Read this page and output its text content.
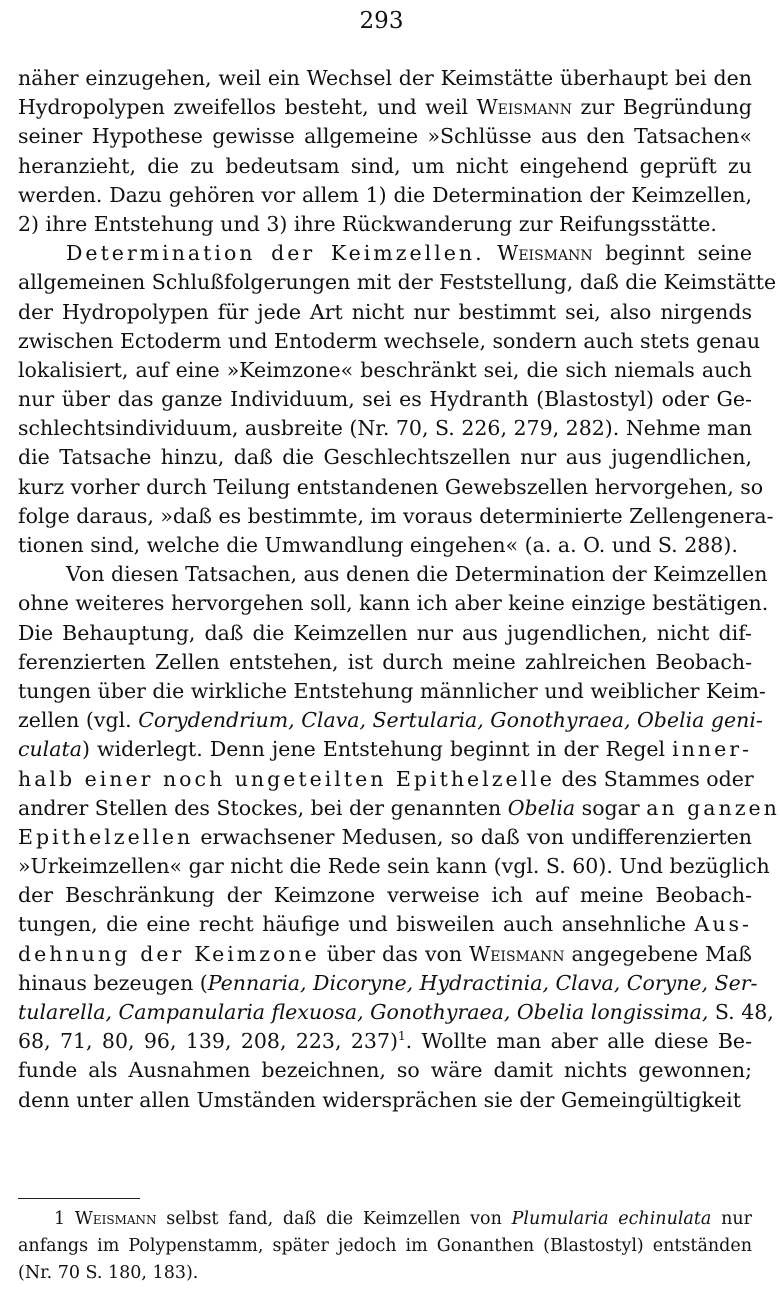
293
näher einzugehen, weil ein Wechsel der Keimstätte überhaupt bei den
Hydropolypen zweifellos besteht, und weil Weismann zur Begründung
seiner Hypothese gewisse allgemeine »Schlüsse aus den Tatsachen«
heranzieht, die zu bedeutsam sind, um nicht eingehend geprüft zu
werden. Dazu gehören vor allem 1) die Determination der Keimzellen,
2) ihre Entstehung und 3) ihre Rückwanderung zur Reifungsstätte.
Determination der Keimzellen. Weismann beginnt seine
allgemeinen Schlußfolgerungen mit der Feststellung, daß die Keimstätte
der Hydropolypen für jede Art nicht nur bestimmt sei, also nirgends
zwischen Ectoderm und Entoderm wechsele, sondern auch stets genau
lokalisiert, auf eine »Keimzone« beschränkt sei, die sich niemals auch
nur über das ganze Individuum, sei es Hydranth (Blastostyl) oder Ge-
schlechtsindividuum, ausbreite (Nr. 70, S. 226, 279, 282). Nehme man
die Tatsache hinzu, daß die Geschlechtszellen nur aus jugendlichen,
kurz vorher durch Teilung entstandenen Gewebszellen hervorgehen, so
folge daraus, »daß es bestimmte, im voraus determinierte Zellengenera-
tionen sind, welche die Umwandlung eingehen« (a. a. O. und S. 288).
Von diesen Tatsachen, aus denen die Determination der Keimzellen
ohne weiteres hervorgehen soll, kann ich aber keine einzige bestätigen.
Die Behauptung, daß die Keimzellen nur aus jugendlichen, nicht dif-
ferenzierten Zellen entstehen, ist durch meine zahlreichen Beobach-
tungen über die wirkliche Entstehung männlicher und weiblicher Keim-
zellen (vgl. Corydendrium, Clava, Sertularia, Gonothyraea, Obelia geni-
culata) widerlegt. Denn jene Entstehung beginnt in der Regel inner-
halb einer noch ungeteilten Epithelzelle des Stammes oder
andrer Stellen des Stockes, bei der genannten Obelia sogar an ganzen
Epithelzellen erwachsener Medusen, so daß von undifferenzierten
»Urkeimzellen« gar nicht die Rede sein kann (vgl. S. 60). Und bezüglich
der Beschränkung der Keimzone verweise ich auf meine Beobach-
tungen, die eine recht häufige und bisweilen auch ansehnliche Aus-
dehnung der Keimzone über das von Weismann angegebene Maß
hinaus bezeugen (Pennaria, Dicoryne, Hydractinia, Clava, Coryne, Ser-
tularella, Campanularia flexuosa, Gonothyraea, Obelia longissima, S. 48,
68, 71, 80, 96, 139, 208, 223, 237)$^1$. Wollte man aber alle diese Be-
funde als Ausnahmen bezeichnen, so wäre damit nichts gewonnen;
denn unter allen Umständen widersprächen sie der Gemeingültigkeit
1 Weismann selbst fand, daß die Keimzellen von Plumularia echinulata nur
anfangs im Polypenstamm, später jedoch im Gonanthen (Blastostyl) entständen
(Nr. 70 S. 180, 183).
